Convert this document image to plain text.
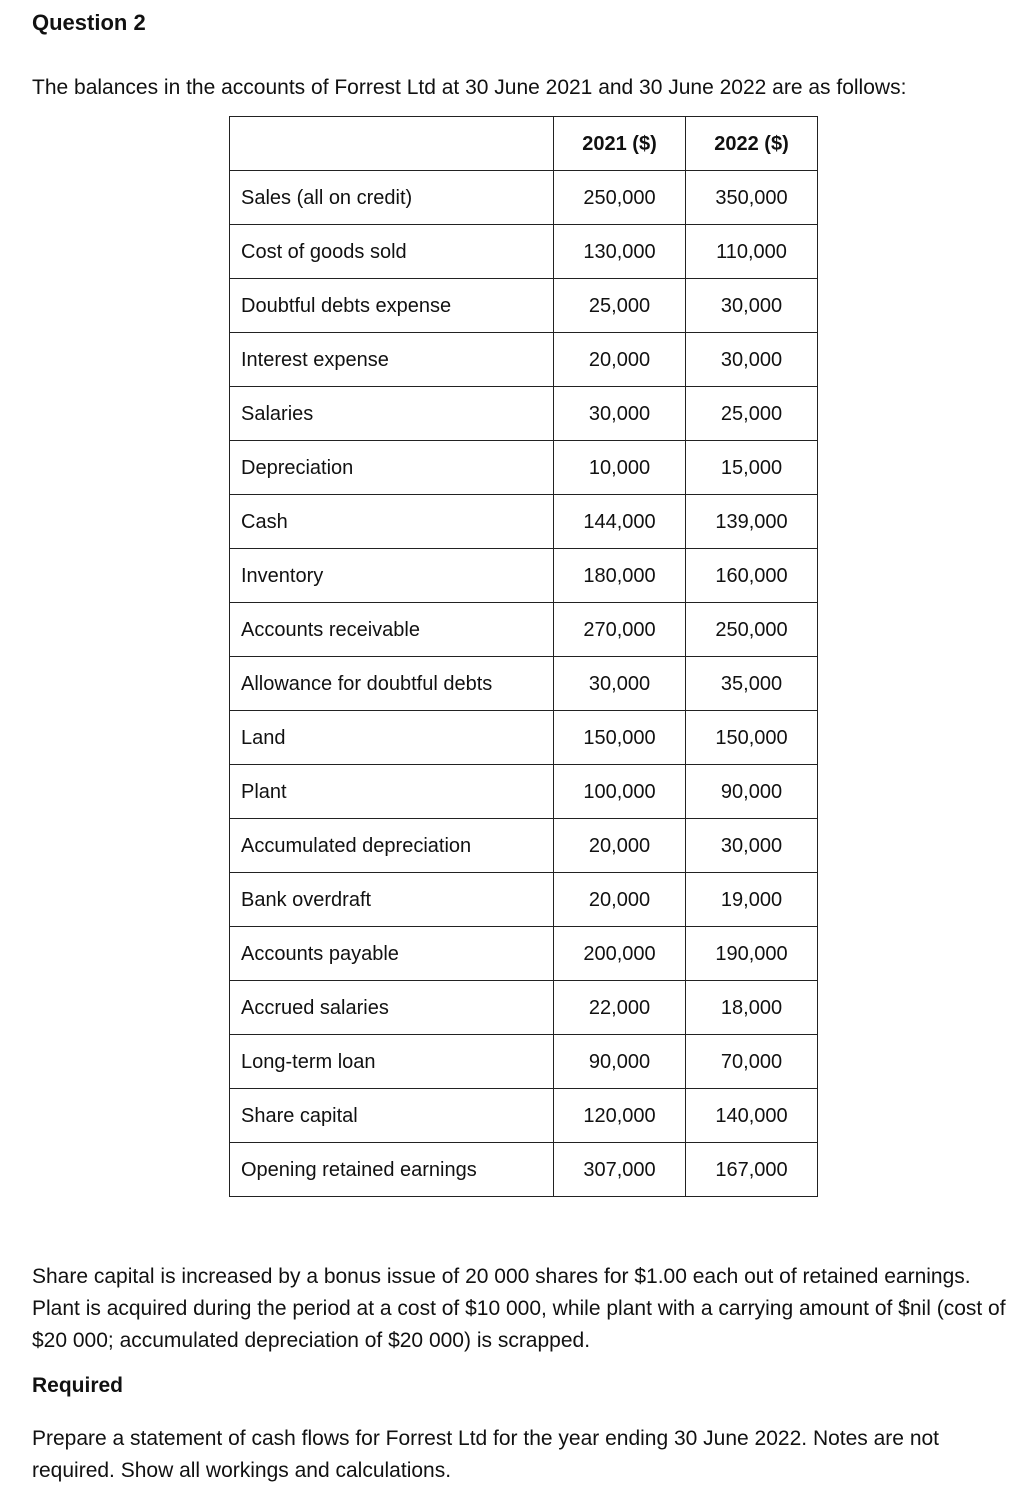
Question 2
The balances in the accounts of Forrest Ltd at 30 June 2021 and 30 June 2022 are as follows:
	2021 ($)	2022 ($)
Sales (all on credit)	250,000	350,000
Cost of goods sold	130,000	110,000
Doubtful debts expense	25,000	30,000
Interest expense	20,000	30,000
Salaries	30,000	25,000
Depreciation	10,000	15,000
Cash	144,000	139,000
Inventory	180,000	160,000
Accounts receivable	270,000	250,000
Allowance for doubtful debts	30,000	35,000
Land	150,000	150,000
Plant	100,000	90,000
Accumulated depreciation	20,000	30,000
Bank overdraft	20,000	19,000
Accounts payable	200,000	190,000
Accrued salaries	22,000	18,000
Long-term loan	90,000	70,000
Share capital	120,000	140,000
Opening retained earnings	307,000	167,000

Share capital is increased by a bonus issue of 20 000 shares for $1.00 each out of retained earnings. Plant is acquired during the period at a cost of $10 000, while plant with a carrying amount of $nil (cost of $20 000; accumulated depreciation of $20 000) is scrapped.

Required

Prepare a statement of cash flows for Forrest Ltd for the year ending 30 June 2022. Notes are not required. Show all workings and calculations.
